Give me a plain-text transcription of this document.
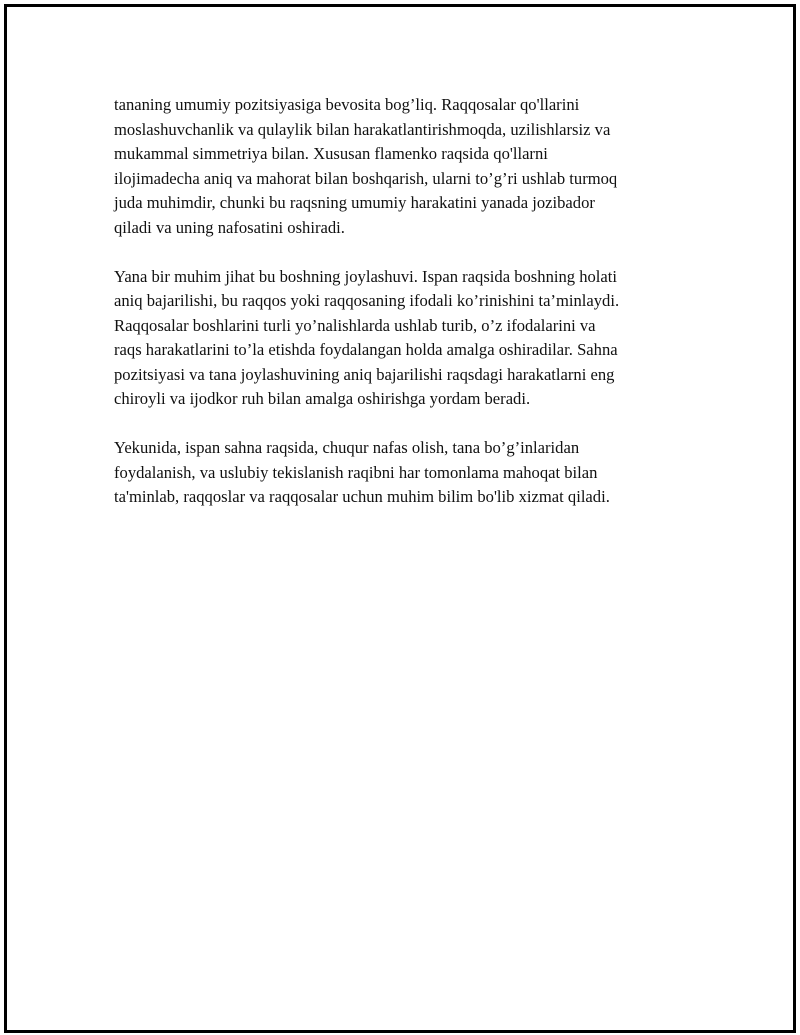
tananing umumiy pozitsiyasiga bevosita bog’liq. Raqqosalar qo'llarini
moslashuvchanlik va qulaylik bilan harakatlantirishmoqda, uzilishlarsiz va
mukammal simmetriya bilan. Xususan flamenko raqsida qo'llarni
ilojimadecha aniq va mahorat bilan boshqarish, ularni to’g’ri ushlab turmoq
juda muhimdir, chunki bu raqsning umumiy harakatini yanada jozibador
qiladi va uning nafosatini oshiradi.

Yana bir muhim jihat bu boshning joylashuvi. Ispan raqsida boshning holati
aniq bajarilishi, bu raqqos yoki raqqosaning ifodali ko’rinishini ta’minlaydi.
Raqqosalar boshlarini turli yo’nalishlarda ushlab turib, o’z ifodalarini va
raqs harakatlarini to’la etishda foydalangan holda amalga oshiradilar. Sahna
pozitsiyasi va tana joylashuvining aniq bajarilishi raqsdagi harakatlarni eng
chiroyli va ijodkor ruh bilan amalga oshirishga yordam beradi.

Yekunida, ispan sahna raqsida, chuqur nafas olish, tana bo’g’inlaridan
foydalanish, va uslubiy tekislanish raqibni har tomonlama mahoqat bilan
ta'minlab, raqqoslar va raqqosalar uchun muhim bilim bo'lib xizmat qiladi.
